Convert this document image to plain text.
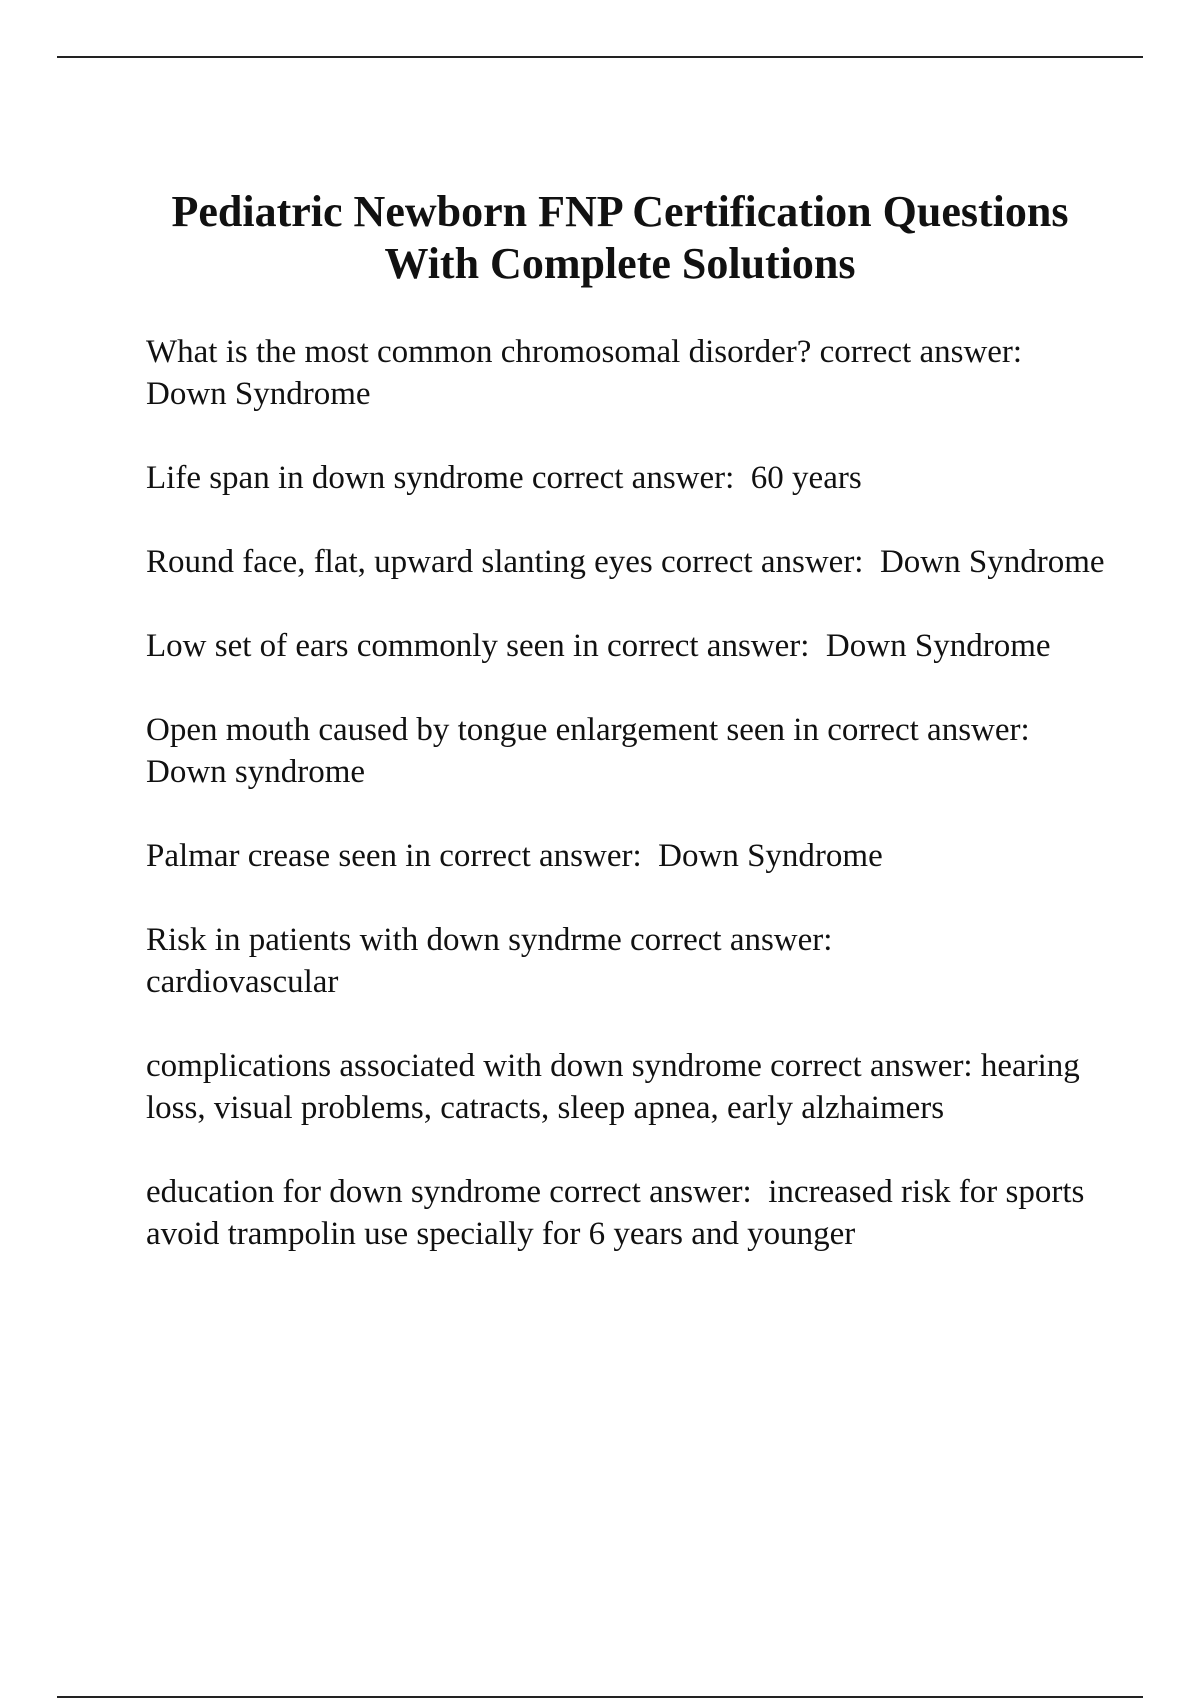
Pediatric Newborn FNP Certification Questions
With Complete Solutions
What is the most common chromosomal disorder? correct answer:  Down Syndrome
Life span in down syndrome correct answer:  60 years
Round face, flat, upward slanting eyes correct answer:  Down Syndrome
Low set of ears commonly seen in correct answer:  Down Syndrome
Open mouth caused by tongue enlargement seen in correct answer:  Down syndrome
Palmar crease seen in correct answer:  Down Syndrome
Risk in patients with down syndrme correct answer:
cardiovascular
complications associated with down syndrome correct answer: hearing loss, visual problems, catracts, sleep apnea, early alzhaimers
education for down syndrome correct answer:  increased risk for sports avoid trampolin use specially for 6 years and younger
